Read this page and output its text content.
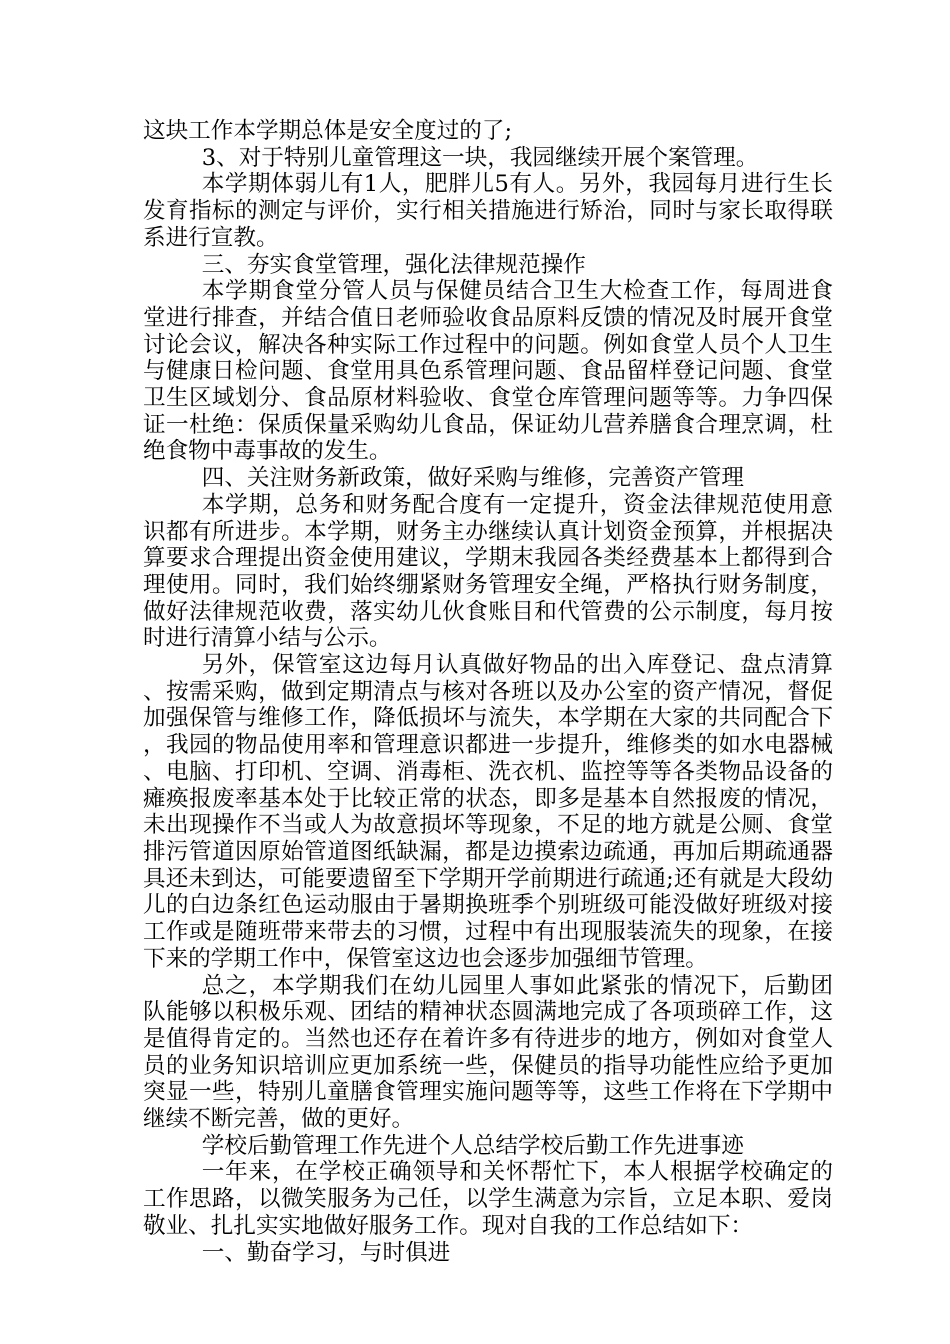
这块工作本学期总体是安全度过的了;

3、对于特别儿童管理这一块，我园继续开展个案管理。

本学期体弱儿有1人，肥胖儿5有人。另外，我园每月进行生长发育指标的测定与评价，实行相关措施进行矫治，同时与家长取得联系进行宣教。

三、夯实食堂管理，强化法律规范操作

本学期食堂分管人员与保健员结合卫生大检查工作，每周进食堂进行排查，并结合值日老师验收食品原料反馈的情况及时展开食堂讨论会议，解决各种实际工作过程中的问题。例如食堂人员个人卫生与健康日检问题、食堂用具色系管理问题、食品留样登记问题、食堂卫生区域划分、食品原材料验收、食堂仓库管理问题等等。力争四保证一杜绝：保质保量采购幼儿食品，保证幼儿营养膳食合理烹调，杜绝食物中毒事故的发生。

四、关注财务新政策，做好采购与维修，完善资产管理

本学期，总务和财务配合度有一定提升，资金法律规范使用意识都有所进步。本学期，财务主办继续认真计划资金预算，并根据决算要求合理提出资金使用建议，学期末我园各类经费基本上都得到合理使用。同时，我们始终绷紧财务管理安全绳，严格执行财务制度，做好法律规范收费，落实幼儿伙食账目和代管费的公示制度，每月按时进行清算小结与公示。

另外，保管室这边每月认真做好物品的出入库登记、盘点清算、按需采购，做到定期清点与核对各班以及办公室的资产情况，督促加强保管与维修工作，降低损坏与流失，本学期在大家的共同配合下，我园的物品使用率和管理意识都进一步提升，维修类的如水电器械、电脑、打印机、空调、消毒柜、洗衣机、监控等等各类物品设备的瘫痪报废率基本处于比较正常的状态，即多是基本自然报废的情况，未出现操作不当或人为故意损坏等现象，不足的地方就是公厕、食堂排污管道因原始管道图纸缺漏，都是边摸索边疏通，再加后期疏通器具还未到达，可能要遗留至下学期开学前期进行疏通;还有就是大段幼儿的白边条红色运动服由于暑期换班季个别班级可能没做好班级对接工作或是随班带来带去的习惯，过程中有出现服装流失的现象，在接下来的学期工作中，保管室这边也会逐步加强细节管理。

总之，本学期我们在幼儿园里人事如此紧张的情况下，后勤团队能够以积极乐观、团结的精神状态圆满地完成了各项琐碎工作，这是值得肯定的。当然也还存在着许多有待进步的地方，例如对食堂人员的业务知识培训应更加系统一些，保健员的指导功能性应给予更加突显一些，特别儿童膳食管理实施问题等等，这些工作将在下学期中继续不断完善，做的更好。

学校后勤管理工作先进个人总结学校后勤工作先进事迹

一年来，在学校正确领导和关怀帮忙下，本人根据学校确定的工作思路，以微笑服务为己任，以学生满意为宗旨，立足本职、爱岗敬业、扎扎实实地做好服务工作。现对自我的工作总结如下：

一、勤奋学习，与时俱进
